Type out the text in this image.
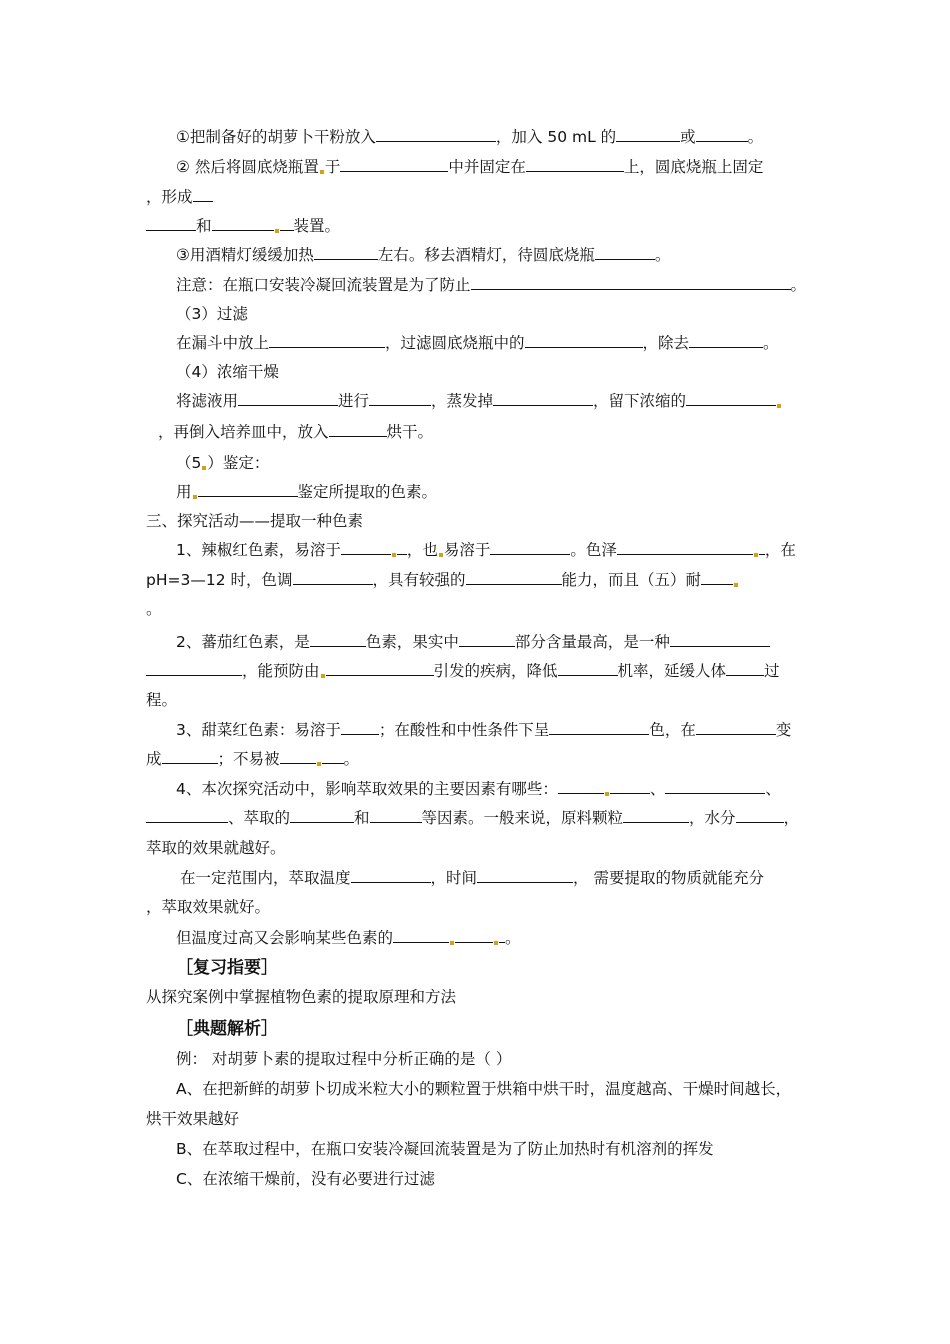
①把制备好的胡萝卜干粉放入	，加入 50 mL 的	或	。
② 然后将圆底烧瓶置 于	中并固定在	上，圆底烧瓶上固定
，形成
和	装置。
③用酒精灯缓缓加热	左右。移去酒精灯，待圆底烧瓶	。
注意：在瓶口安装冷凝回流装置是为了防止	。
（3）过滤
在漏斗中放上	，过滤圆底烧瓶中的	，除去	。
（4）浓缩干燥
将滤液用	进行	，蒸发掉	，留下浓缩的
，再倒入培养皿中，放入	烘干。
（5 ）鉴定：
用	鉴定所提取的色素。
三、探究活动——提取一种色素
1、辣椒红色素，易溶于	，也 易溶于	。色泽	，在
pH=3—12 时，色调	，具有较强的	能力，而且（五）耐
。
2、蕃茄红色素，是	色素，果实中	部分含量最高，是一种
，能预防由	引发的疾病，降低	机率，延缓人体 过
程。
3、甜菜红色素：易溶于 ；在酸性和中性条件下呈	色，在	变
成	；不易被	。
4、本次探究活动中，影响萃取效果的主要因素有哪些：	、	、
、萃取的	和	等因素。一般来说，原料颗粒	，水分	，
萃取的效果就越好。
在一定范围内，萃取温度	，时间	， 需要提取的物质就能充分
，萃取效果就好。
但温度过高又会影响某些色素的	。
［复习指要］
从探究案例中掌握植物色素的提取原理和方法
［典题解析］
例： 对胡萝卜素的提取过程中分析正确的是（ ）
A、在把新鲜的胡萝卜切成米粒大小的颗粒置于烘箱中烘干时，温度越高、干燥时间越长，
烘干效果越好
B、在萃取过程中，在瓶口安装冷凝回流装置是为了防止加热时有机溶剂的挥发
C、在浓缩干燥前，没有必要进行过滤
